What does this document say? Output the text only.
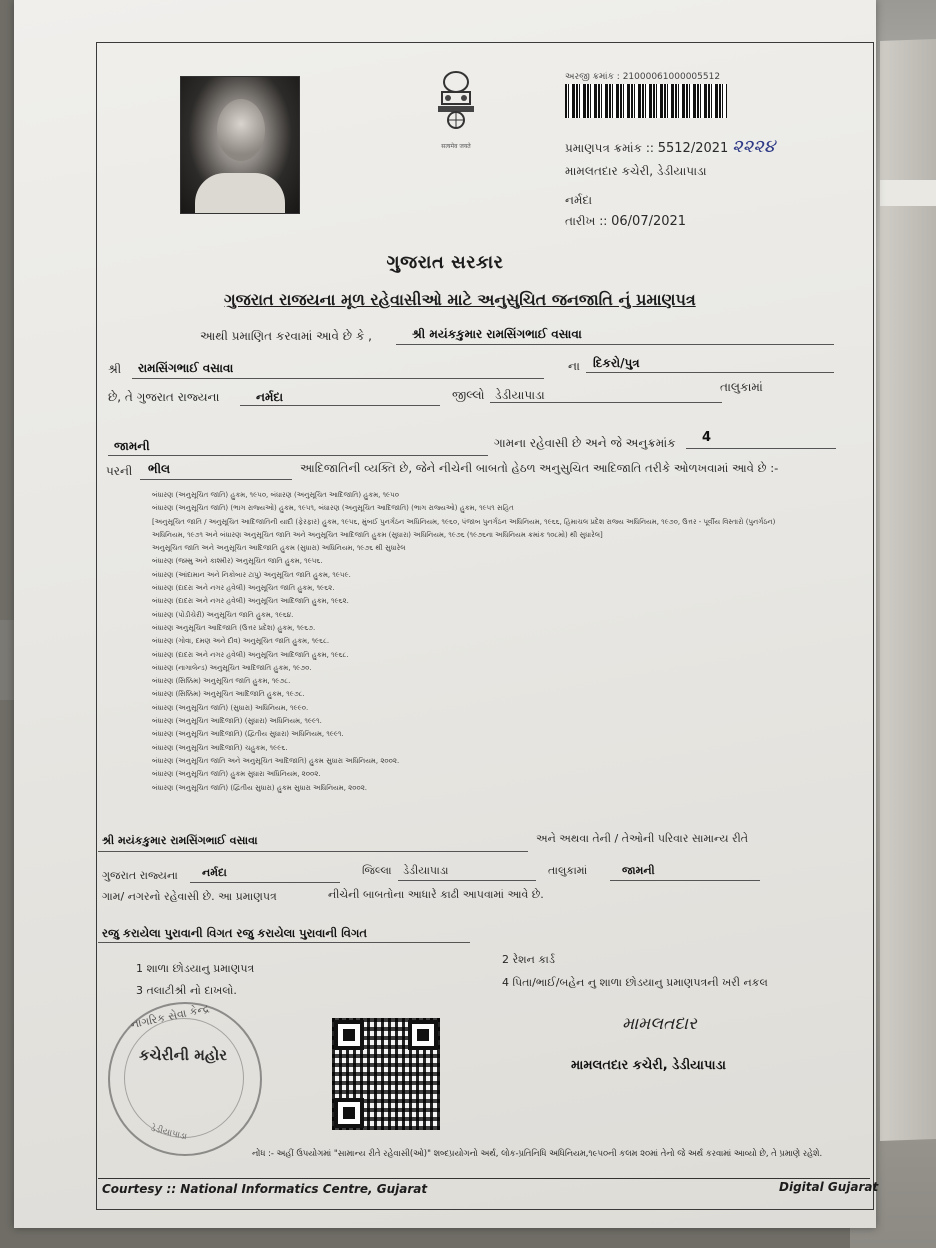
सत्यमेव जयते
અરજી ક્રમાંક : 21000061000005512
પ્રમાણપત્ર ક્રમાંક :: 5512/2021 ૨૨૨૪
મામલતદાર કચેરી, ડેડીયાપાડા
નર્મદા
તારીખ :: 06/07/2021
ગુજરાત સરકાર
ગુજરાત રાજયના મૂળ રહેવાસીઓ માટે અનુસુચિત જનજાતિ નું પ્રમાણપત્ર
આથી પ્રમાણિત કરવામાં આવે છે કે ,	શ્રી મયંકકુમાર રામસિંગભાઈ વસાવા
શ્રી રામસિંગભાઈ વસાવા	ના દિકરો/પુત્ર
છે, તે ગુજરાત રાજ્યના	નર્મદા	જીલ્લો ડેડીયાપાડા
તાલુકામાં
જામની	ગામના રહેવાસી છે અને જે અનુક્રમાંક 4
પરની ભીલ	આદિજાતિની વ્યક્તિ છે, જેને નીચેની બાબતો હેઠળ અનુસુચિત આદિજાતિ તરીકે ઓળખવામાં આવે છે :-
બંધારણ (અનુસૂચિત જાતિ) હુકમ, ૧૯૫૦, બંધારણ (અનુસૂચિત આદિજાતિ) હુકમ, ૧૯૫૦
બંધારણ (અનુસૂચિત જાતિ) (ભાગ રાજ્યઓ) હુકમ, ૧૯૫૧, બંધારણ (અનુસૂચિત આદિજાતિ) (ભાગ રાજ્યઓ) હુકમ, ૧૯૫૧ સહિત
[અનુસૂચિત જાતિ / અનુસૂચિત આદિજાતિની યાદી (ફેરફાર) હુકમ, ૧૯૫૬, મુંબઈ પુનર્ગઠન અધિનિયમ, ૧૯૬૦, પંજાબ પુનર્ગઠન અધિનિયમ, ૧૯૬૬, હિમાચલ પ્રદેશ રાજ્ય અધિનિયમ, ૧૯૭૦, ઉત્તર - પૂર્વીય વિસ્તારો (પુનર્ગઠન)
અધિનિયમ, ૧૯૭૧ અને બંધારણ અનુસૂચિત જાતિ અને અનુસૂચિત આદિજાતિ હુકમ (સુધારા) અધિનિયમ, ૧૯૭૬ (૧૯૭૬ના અધિનિયમ ક્રમાંક ૧૦૮મો) થી સુધારેલ]
અનુસૂચિત જાતિ અને અનુસૂચિત આદિજાતિ હુકમ (સુધારા) અધિનિયમ, ૧૯૭૬ થી સુધારેલ
બંધારણ (જમ્મુ અને કાશ્મીર) અનુસૂચિત જાતિ હુકમ, ૧૯૫૬.
બંધારણ (આંદામાન અને નિકોબાર ટાપુ) અનુસૂચિત જાતિ હુકમ, ૧૯૫૯.
બંધારણ (દાદરા અને નગર હવેલી) અનુસૂચિત જાતિ હુકમ, ૧૯૬૨.
બંધારણ (દાદરા અને નગર હવેલી) અનુસૂચિત આદિજાતિ હુકમ, ૧૯૬૨.
બંધારણ (પોંડીચેરી) અનુસૂચિત જાતિ હુકમ, ૧૯૬૪.
બંધારણ અનુસૂચિત આદિજાતિ (ઉત્તર પ્રદેશ) હુકમ, ૧૯૬૭.
બંધારણ (ગોવા, દમણ અને દીવ) અનુસૂચિત જાતિ હુકમ, ૧૯૬૮.
બંધારણ (દાદરા અને નગર હવેલી) અનુસૂચિત આદિજાતિ હુકમ, ૧૯૬૮.
બંધારણ (નાગાલેન્ડ) અનુસૂચિત આદિજાતિ હુકમ, ૧૯૭૦.
બંધારણ (સિક્કિમ) અનુસૂચિત જાતિ હુકમ, ૧૯૭૮.
બંધારણ (સિક્કિમ) અનુસૂચિત આદિજાતિ હુકમ, ૧૯૭૮.
બંધારણ (અનુસૂચિત જાતિ) (સુધારા) અધિનિયમ, ૧૯૯૦.
બંધારણ (અનુસૂચિત આદિજાતિ) (સુધારા) અધિનિયમ, ૧૯૯૧.
બંધારણ (અનુસૂચિત આદિજાતિ) (દ્વિતીય સુધારા) અધિનિયમ, ૧૯૯૧.
બંધારણ (અનુસૂચિત આદિજાતિ) ચહુકમ, ૧૯૯૬.
બંધારણ (અનુસૂચિત જાતિ અને અનુસૂચિત આદિજાતિ) હુકમ સુધારા અધિનિયમ, ૨૦૦૨.
બંધારણ (અનુસૂચિત જાતિ) હુકમ સુધારા અધિનિયમ, ૨૦૦૨.
બંધારણ (અનુસૂચિત જાતિ) (દ્વિતીય સુધારા) હુકમ સુધારા અધિનિયમ, ૨૦૦૨.
શ્રી મયંકકુમાર રામસિંગભાઈ વસાવા	અને અથવા તેની / તેઓની પરિવાર સામાન્ય રીતે
ગુજરાત રાજ્યના નર્મદા	જિલ્લા ડેડીયાપાડા	તાલુકામાં	જામની
ગામ/ નગરનો રહેવાસી છે. આ પ્રમાણપત્ર	નીચેની બાબતોના આધારે કાઢી આપવામાં આવે છે.
રજુ કરાયેલા પુરાવાની વિગત રજુ કરાયેલા પુરાવાની વિગત
1 શાળા છોડયાનુ પ્રમાણપત્ર
2 રેશન કાર્ડ
3 તલાટીશ્રી નો દાખલો.
4 પિતા/ભાઈ/બહેન નુ શાળા છોડયાનુ પ્રમાણપત્રની ખરી નકલ
નાગરિક સેવા કેન્દ્ર
કચેરીની મહોર
ડેડીયાપાડા
મામલતદાર
મામલતદાર કચેરી, ડેડીયાપાડા
નોંધ :- અહીં ઉપયોગમાં "સામાન્ય રીતે રહેવાસી(ઓ)" શબ્દપ્રયોગનો અર્થ, લોક-પ્રતિનિધિ અધિનિયમ,૧૯૫૦ની કલમ ૨૦માં તેનો જે અર્થ કરવામાં આવ્યો છે, તે પ્રમાણે રહેશે.
Courtesy :: National Informatics Centre, Gujarat	Digital Gujarat
